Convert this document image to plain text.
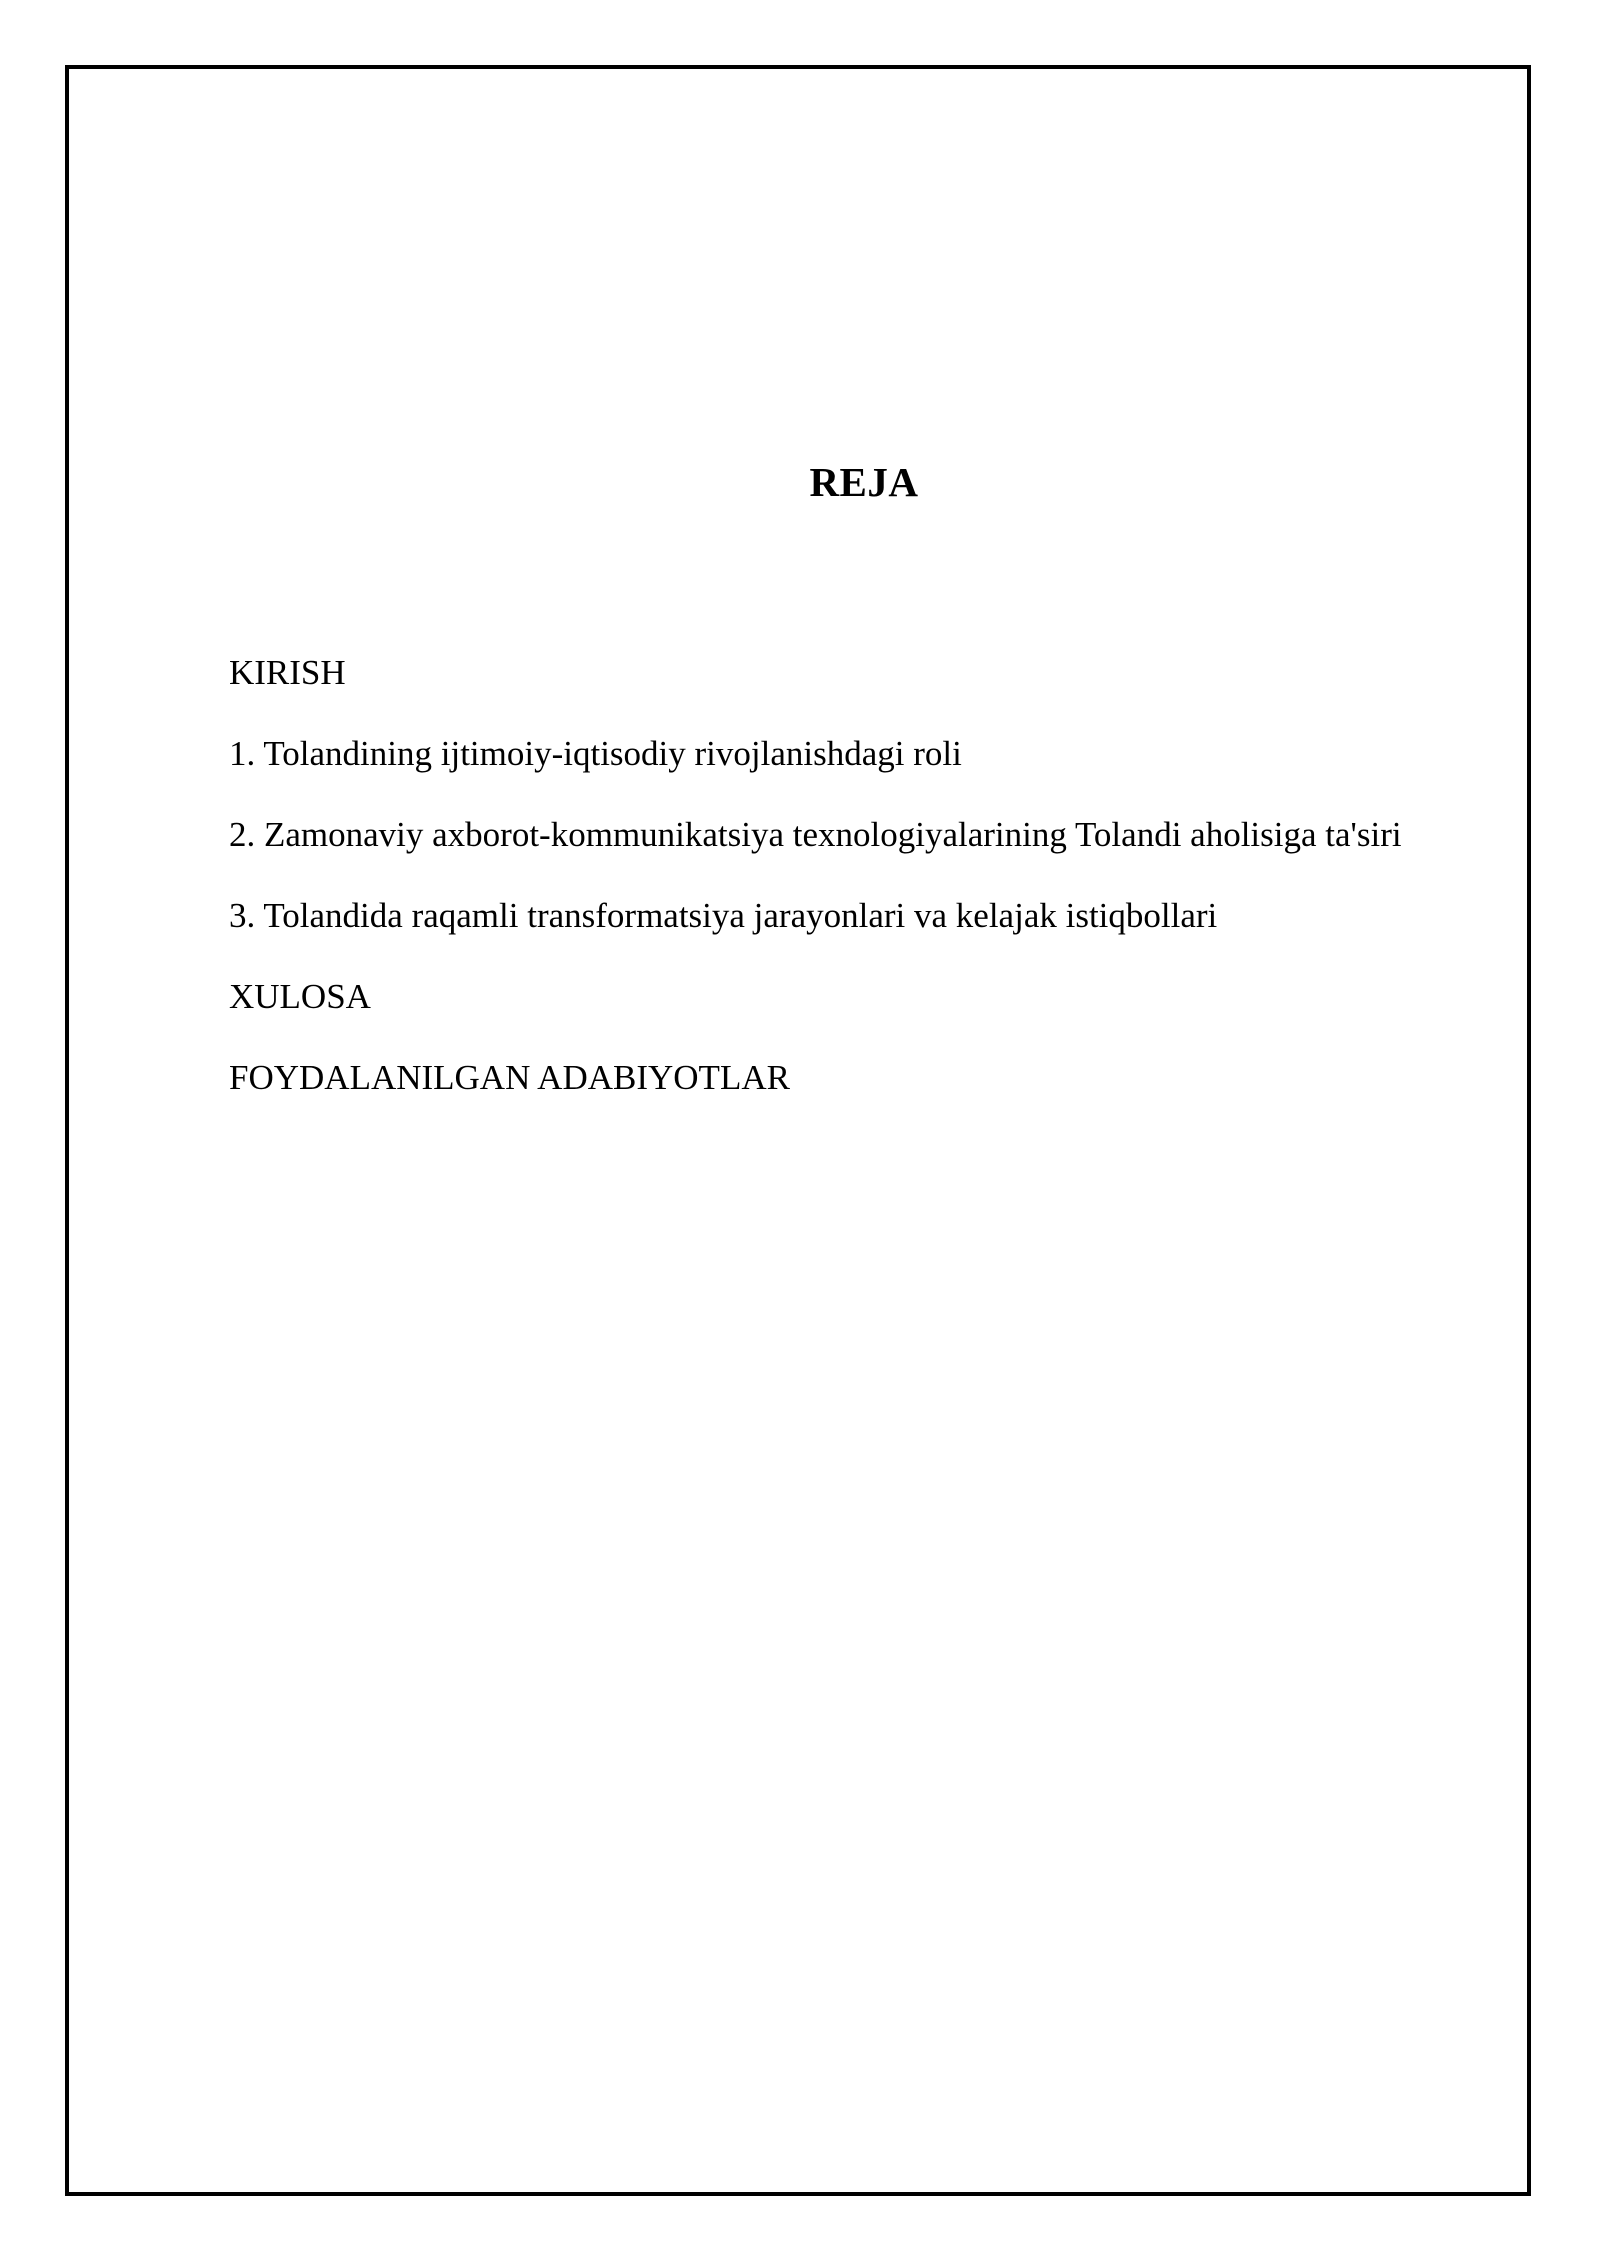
REJA
KIRISH
1. Tolandining ijtimoiy-iqtisodiy rivojlanishdagi roli
2. Zamonaviy axborot-kommunikatsiya texnologiyalarining Tolandi aholisiga ta'siri
3. Tolandida raqamli transformatsiya jarayonlari va kelajak istiqbollari
XULOSA
FOYDALANILGAN ADABIYOTLAR
